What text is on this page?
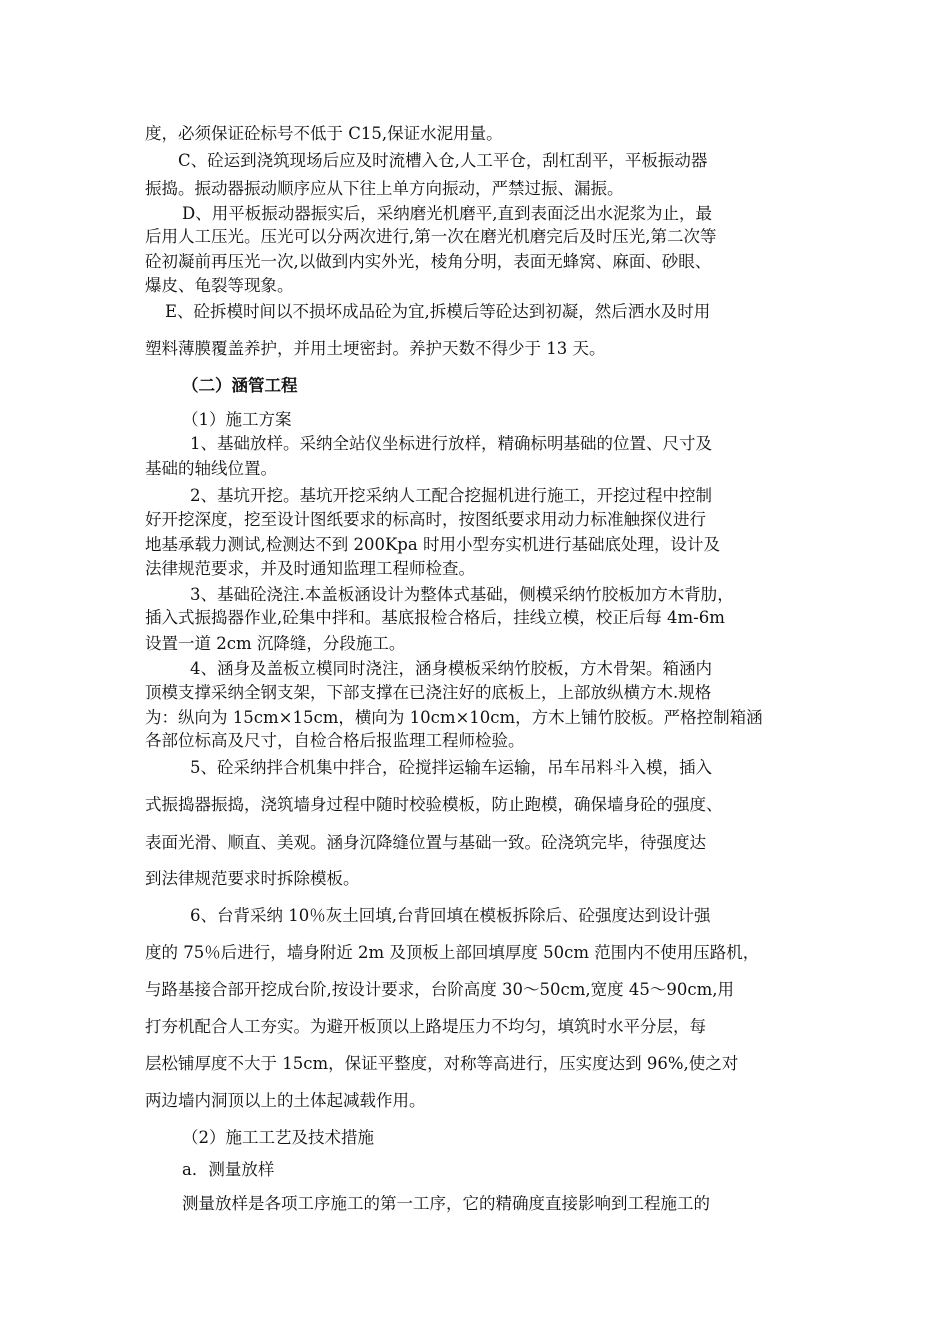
度，必须保证砼标号不低于 C15,保证水泥用量。

C、砼运到浇筑现场后应及时流槽入仓,人工平仓，刮杠刮平，平板振动器

振捣。振动器振动顺序应从下往上单方向振动，严禁过振、漏振。

D、用平板振动器振实后，采纳磨光机磨平,直到表面泛出水泥浆为止，最

后用人工压光。压光可以分两次进行,第一次在磨光机磨完后及时压光,第二次等

砼初凝前再压光一次,以做到内实外光，棱角分明，表面无蜂窝、麻面、砂眼、

爆皮、龟裂等现象。

E、砼拆模时间以不损坏成品砼为宜,拆模后等砼达到初凝，然后洒水及时用

塑料薄膜覆盖养护，并用土埂密封。养护天数不得少于 13 天。

（二）涵管工程

（1）施工方案

1、基础放样。采纳全站仪坐标进行放样，精确标明基础的位置、尺寸及

基础的轴线位置。

2、基坑开挖。基坑开挖采纳人工配合挖掘机进行施工，开挖过程中控制

好开挖深度，挖至设计图纸要求的标高时，按图纸要求用动力标准触探仪进行

地基承载力测试,检测达不到 200Kpa 时用小型夯实机进行基础底处理，设计及

法律规范要求，并及时通知监理工程师检查。

3、基础砼浇注.本盖板涵设计为整体式基础，侧模采纳竹胶板加方木背肋，

插入式振捣器作业,砼集中拌和。基底报检合格后，挂线立模，校正后每 4m-6m

设置一道 2cm 沉降缝，分段施工。

4、涵身及盖板立模同时浇注，涵身模板采纳竹胶板，方木骨架。箱涵内

顶模支撑采纳全钢支架，下部支撑在已浇注好的底板上，上部放纵横方木.规格

为：纵向为 15cm×15cm，横向为 10cm×10cm，方木上铺竹胶板。严格控制箱涵

各部位标高及尺寸，自检合格后报监理工程师检验。

5、砼采纳拌合机集中拌合，砼搅拌运输车运输，吊车吊料斗入模，插入

式振捣器振捣，浇筑墙身过程中随时校验模板，防止跑模，确保墙身砼的强度、

表面光滑、顺直、美观。涵身沉降缝位置与基础一致。砼浇筑完毕，待强度达

到法律规范要求时拆除模板。

6、台背采纳 10％灰土回填,台背回填在模板拆除后、砼强度达到设计强

度的 75％后进行，墙身附近 2m 及顶板上部回填厚度 50cm 范围内不使用压路机，

与路基接合部开挖成台阶,按设计要求，台阶高度 30～50cm,宽度 45～90cm,用

打夯机配合人工夯实。为避开板顶以上路堤压力不均匀，填筑时水平分层，每

层松铺厚度不大于 15cm，保证平整度，对称等高进行，压实度达到 96%,使之对

两边墙内洞顶以上的土体起减载作用。

（2）施工工艺及技术措施

a．测量放样

测量放样是各项工序施工的第一工序，它的精确度直接影响到工程施工的
